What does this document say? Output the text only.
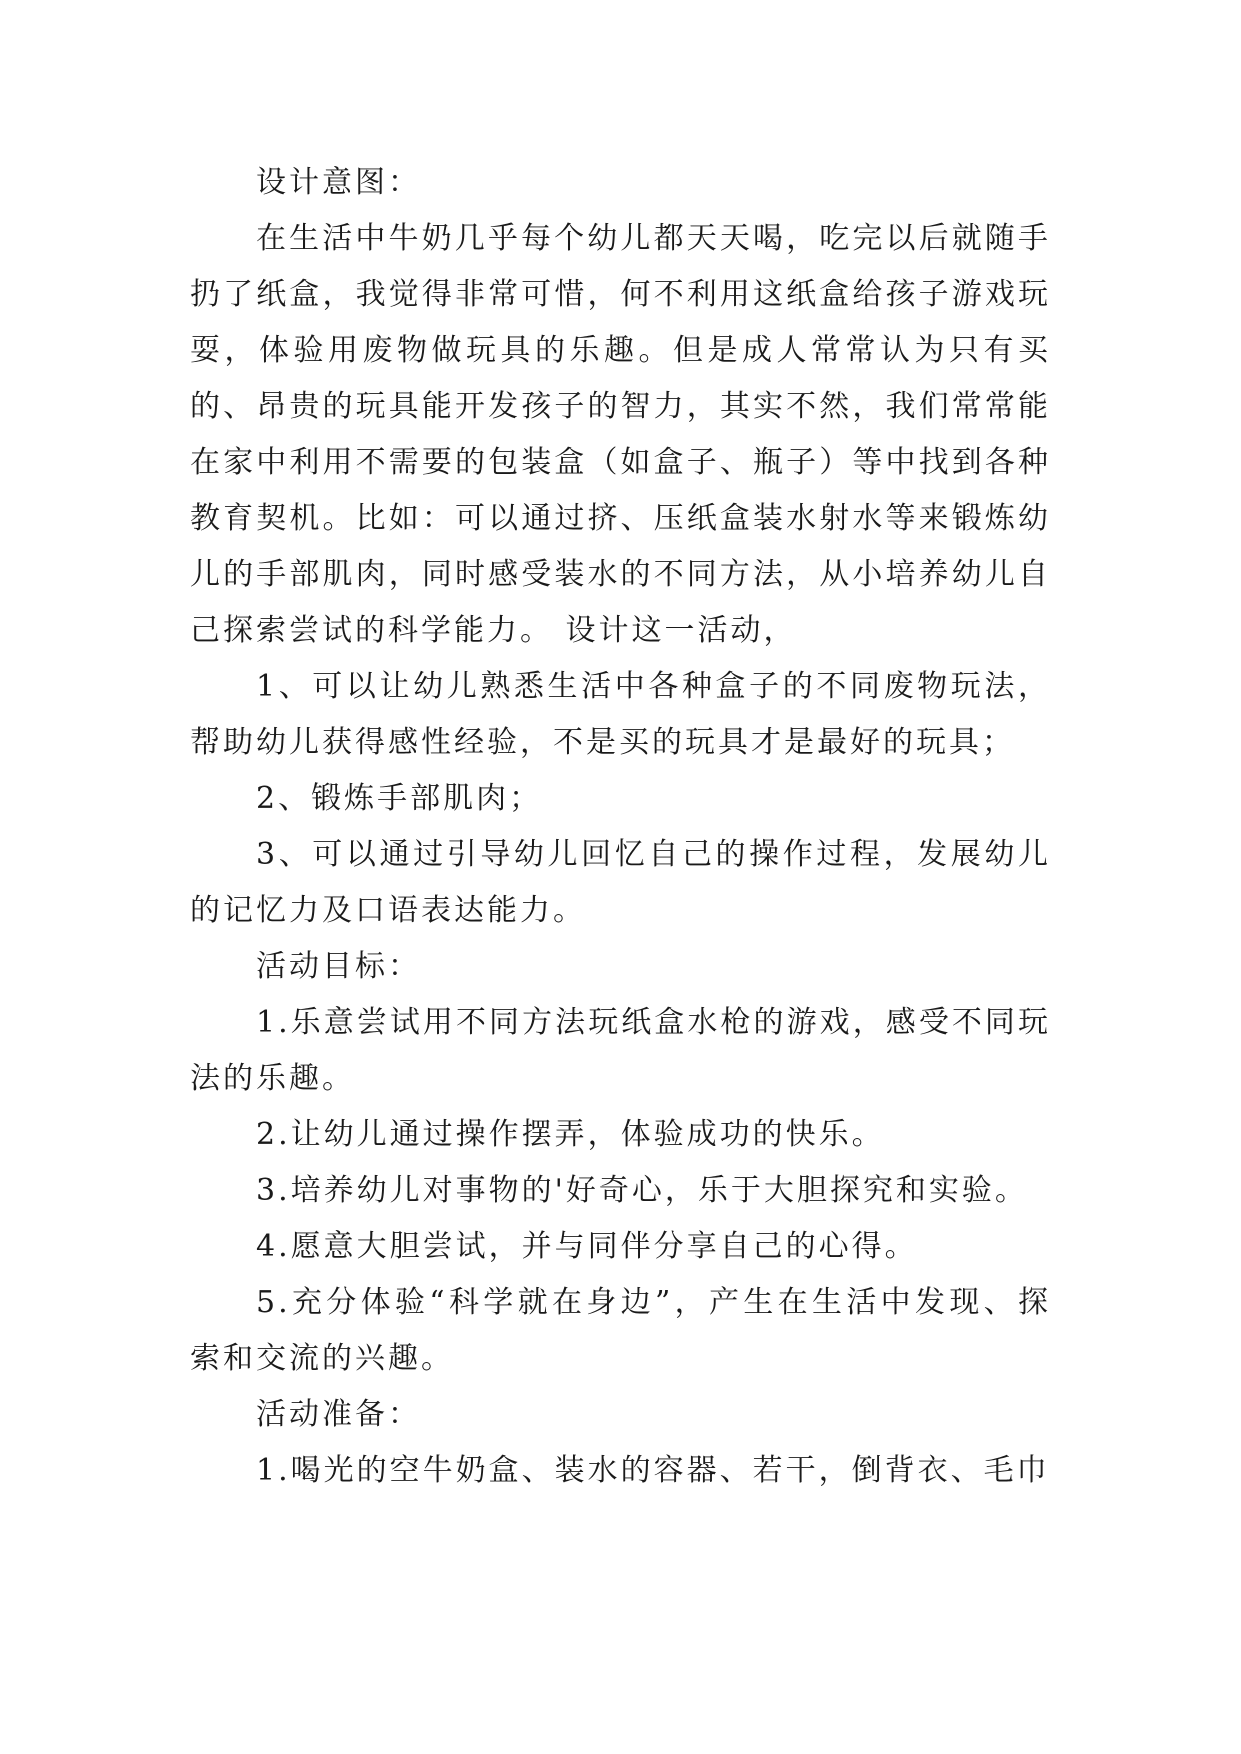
设计意图：

在生活中牛奶几乎每个幼儿都天天喝，吃完以后就随手扔了纸盒，我觉得非常可惜，何不利用这纸盒给孩子游戏玩耍，体验用废物做玩具的乐趣。但是成人常常认为只有买的、昂贵的玩具能开发孩子的智力，其实不然，我们常常能在家中利用不需要的包装盒（如盒子、瓶子）等中找到各种教育契机。比如：可以通过挤、压纸盒装水射水等来锻炼幼儿的手部肌肉，同时感受装水的不同方法，从小培养幼儿自己探索尝试的科学能力。 设计这一活动，

1、可以让幼儿熟悉生活中各种盒子的不同废物玩法，帮助幼儿获得感性经验，不是买的玩具才是最好的玩具；

2、锻炼手部肌肉；

3、可以通过引导幼儿回忆自己的操作过程，发展幼儿的记忆力及口语表达能力。

活动目标：

1.乐意尝试用不同方法玩纸盒水枪的游戏，感受不同玩法的乐趣。

2.让幼儿通过操作摆弄，体验成功的快乐。

3.培养幼儿对事物的'好奇心，乐于大胆探究和实验。

4.愿意大胆尝试，并与同伴分享自己的心得。

5.充分体验“科学就在身边”，产生在生活中发现、探索和交流的兴趣。

活动准备：

1.喝光的空牛奶盒、装水的容器、若干，倒背衣、毛巾
